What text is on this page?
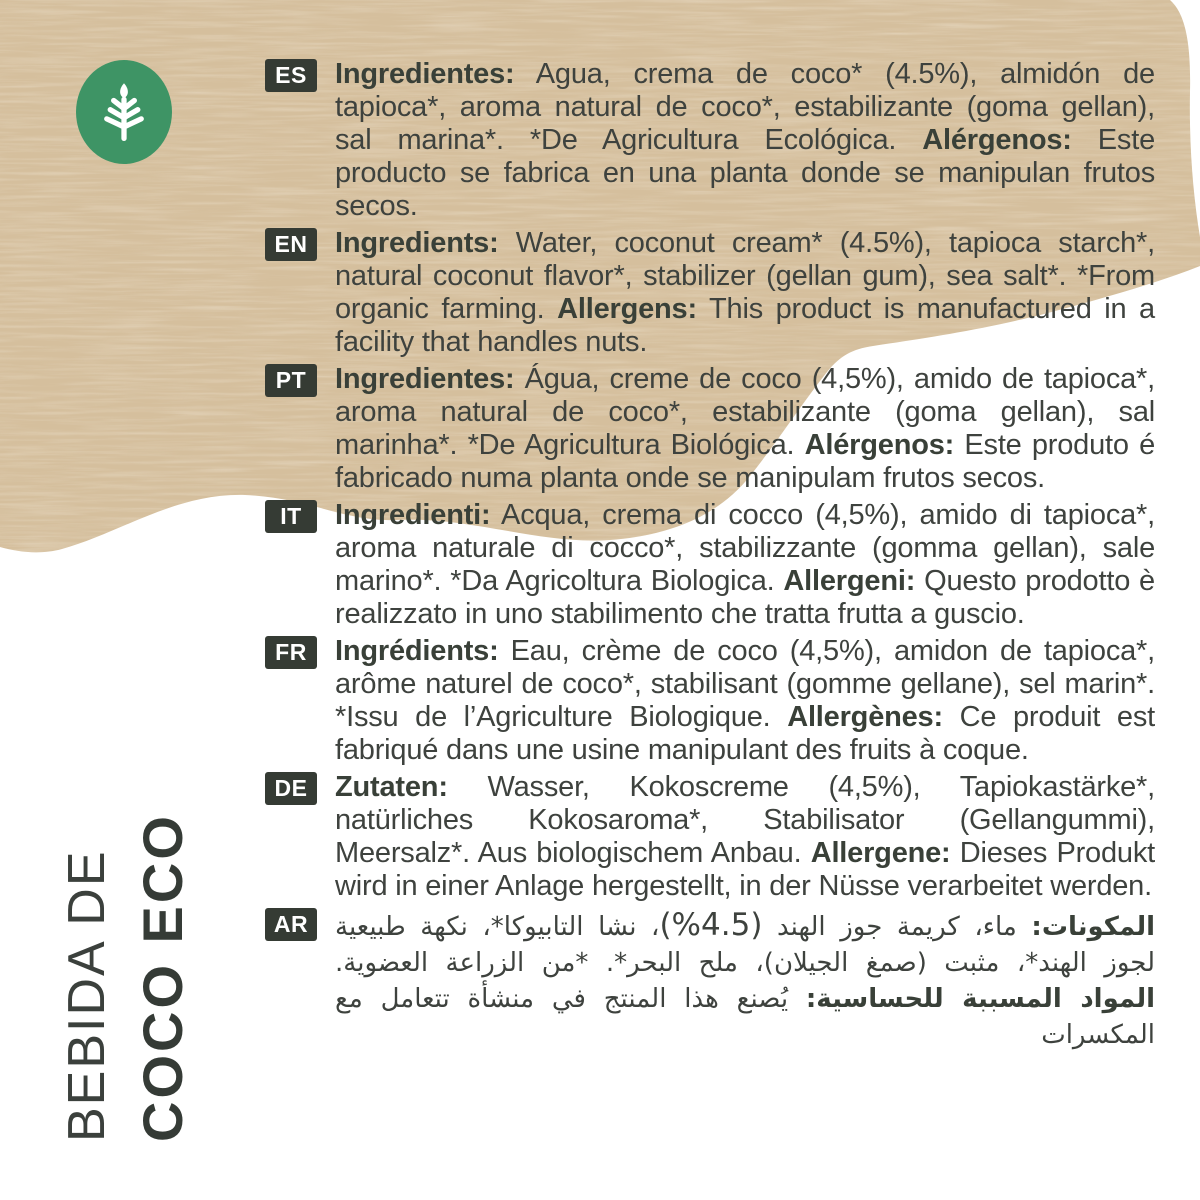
BEBIDA DE COCO ECO
ES Ingredientes: Agua, crema de coco* (4.5%), almidón de tapioca*, aroma natural de coco*, estabilizante (goma gellan), sal marina*. *De Agricultura Ecológica. Alérgenos: Este producto se fabrica en una planta donde se manipulan frutos secos.

EN Ingredients: Water, coconut cream* (4.5%), tapioca starch*, natural coconut flavor*, stabilizer (gellan gum), sea salt*. *From organic farming. Allergens: This product is manufactured in a facility that handles nuts.

PT Ingredientes: Água, creme de coco (4,5%), amido de tapioca*, aroma natural de coco*, estabilizante (goma gellan), sal marinha*. *De Agricultura Biológica. Alérgenos: Este produto é fabricado numa planta onde se manipulam frutos secos.

IT	Ingredienti: Acqua, crema di cocco (4,5%), amido di tapioca*, aroma naturale di cocco*, stabilizzante (gomma gellan), sale marino*. *Da Agricoltura Biologica. Allergeni: Questo prodotto è realizzato in uno stabilimento che tratta frutta a guscio.

FR Ingrédients: Eau, crème de coco (4,5%), amidon de tapioca*, arôme naturel de coco*, stabilisant (gomme gellane), sel marin*. *Issu de l’Agriculture Biologique. Allergènes: Ce produit est fabriqué dans une usine manipulant des fruits à coque.

DE Zutaten: Wasser, Kokoscreme (4,5%), Tapiokastärke*, natürliches Kokosaroma*, Stabilisator (Gellangummi), Meersalz*. Aus biologischem Anbau. Allergene: Dieses Produkt wird in einer Anlage hergestellt, in der Nüsse verarbeitet werden.

AR	المكونات: ماء، كريمة جوز الهند (4.5%)، نشا التابيوكا*، نكهة طبيعية لجوز الهند*، مثبت (صمغ الجيلان)، ملح البحر*. *من الزراعة العضوية. المواد المسببة للحساسية: يُصنع هذا المنتج في منشأة تتعامل مع المكسرات
